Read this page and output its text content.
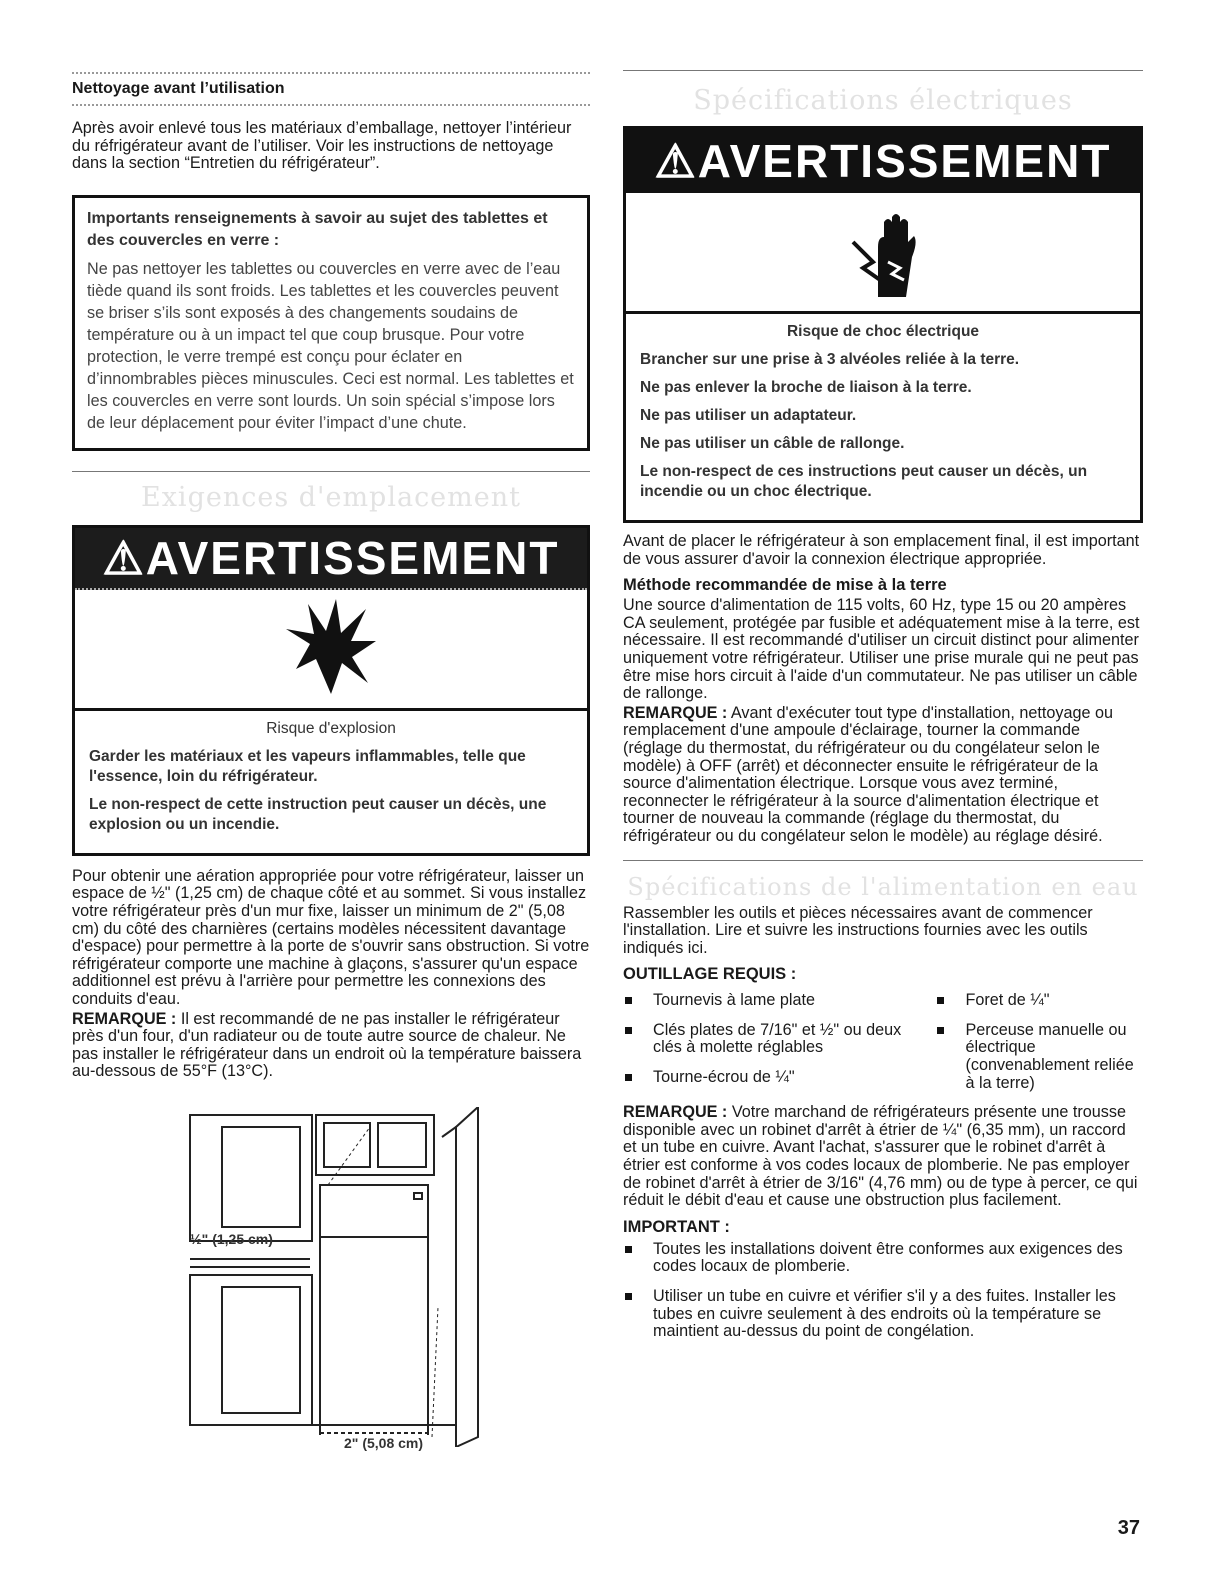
Nettoyage avant l’utilisation

Après avoir enlevé tous les matériaux d’emballage, nettoyer l’intérieur du réfrigérateur avant de l’utiliser. Voir les instructions de nettoyage dans la section “Entretien du réfrigérateur”.

Importants renseignements à savoir au sujet des tablettes et des couvercles en verre :

Ne pas nettoyer les tablettes ou couvercles en verre avec de l’eau tiède quand ils sont froids. Les tablettes et les couvercles peuvent se briser s’ils sont exposés à des changements soudains de température ou à un impact tel que coup brusque. Pour votre protection, le verre trempé est conçu pour éclater en d’innombrables pièces minuscules. Ceci est normal. Les tablettes et les couvercles en verre sont lourds. Un soin spécial s’impose lors de leur déplacement pour éviter l’impact d’une chute.

Exigences d'emplacement
⚠AVERTISSEMENT
Risque d'explosion
Garder les matériaux et les vapeurs inflammables, telle que l'essence, loin du réfrigérateur.
Le non-respect de cette instruction peut causer un décès, une explosion ou un incendie.

Pour obtenir une aération appropriée pour votre réfrigérateur, laisser un espace de ½" (1,25 cm) de chaque côté et au sommet. Si vous installez votre réfrigérateur près d'un mur fixe, laisser un minimum de 2" (5,08 cm) du côté des charnières (certains modèles nécessitent davantage d'espace) pour permettre à la porte de s'ouvrir sans obstruction. Si votre réfrigérateur comporte une machine à glaçons, s'assurer qu'un espace additionnel est prévu à l'arrière pour permettre les connexions des conduits d'eau.

REMARQUE : Il est recommandé de ne pas installer le réfrigérateur près d'un four, d'un radiateur ou de toute autre source de chaleur. Ne pas installer le réfrigérateur dans un endroit où la température baissera au-dessous de 55°F (13°C).

½" (1,25 cm)
2" (5,08 cm)
Spécifications électriques
⚠AVERTISSEMENT
Risque de choc électrique
Brancher sur une prise à 3 alvéoles reliée à la terre.
Ne pas enlever la broche de liaison à la terre.
Ne pas utiliser un adaptateur.
Ne pas utiliser un câble de rallonge.
Le non-respect de ces instructions peut causer un décès, un incendie ou un choc électrique.

Avant de placer le réfrigérateur à son emplacement final, il est important de vous assurer d'avoir la connexion électrique appropriée.

Méthode recommandée de mise à la terre

Une source d'alimentation de 115 volts, 60 Hz, type 15 ou 20 ampères CA seulement, protégée par fusible et adéquatement mise à la terre, est nécessaire. Il est recommandé d'utiliser un circuit distinct pour alimenter uniquement votre réfrigérateur. Utiliser une prise murale qui ne peut pas être mise hors circuit à l'aide d'un commutateur. Ne pas utiliser un câble de rallonge.

REMARQUE : Avant d'exécuter tout type d'installation, nettoyage ou remplacement d'une ampoule d'éclairage, tourner la commande (réglage du thermostat, du réfrigérateur ou du congélateur selon le modèle) à OFF (arrêt) et déconnecter ensuite le réfrigérateur de la source d'alimentation électrique. Lorsque vous avez terminé, reconnecter le réfrigérateur à la source d'alimentation électrique et tourner de nouveau la commande (réglage du thermostat, du réfrigérateur ou du congélateur selon le modèle) au réglage désiré.

Spécifications de l'alimentation en eau

Rassembler les outils et pièces nécessaires avant de commencer l'installation. Lire et suivre les instructions fournies avec les outils indiqués ici.

OUTILLAGE REQUIS :
Tournevis à lame plate
Clés plates de 7/16" et ½" ou deux clés à molette réglables
Tourne-écrou de ¼"
Foret de ¼"
Perceuse manuelle ou électrique (convenablement reliée à la terre)

REMARQUE : Votre marchand de réfrigérateurs présente une trousse disponible avec un robinet d'arrêt à étrier de ¼" (6,35 mm), un raccord et un tube en cuivre. Avant l'achat, s'assurer que le robinet d'arrêt à étrier est conforme à vos codes locaux de plomberie. Ne pas employer de robinet d'arrêt à étrier de 3/16" (4,76 mm) ou de type à percer, ce qui réduit le débit d'eau et cause une obstruction plus facilement.

IMPORTANT :
Toutes les installations doivent être conformes aux exigences des codes locaux de plomberie.
Utiliser un tube en cuivre et vérifier s'il y a des fuites. Installer les tubes en cuivre seulement à des endroits où la température se maintient au-dessus du point de congélation.
37
